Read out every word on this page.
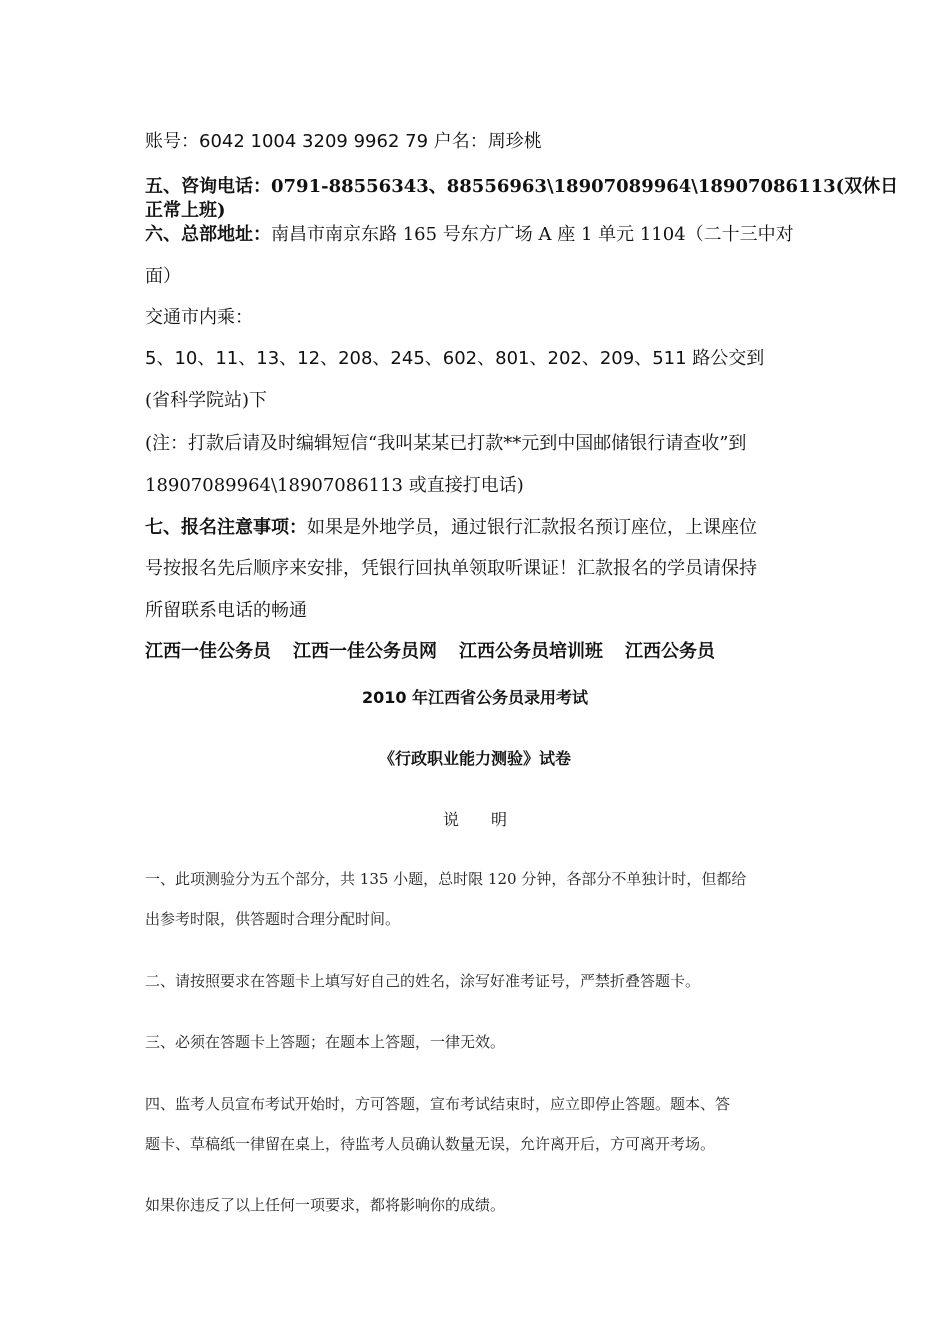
账号：6042 1004 3209 9962 79 户名：周珍桃
五、咨询电话：0791-88556343、88556963\18907089964\18907086113(双休日
正常上班)
六、总部地址：南昌市南京东路 165 号东方广场 A 座 1 单元 1104（二十三中对
面）
交通市内乘：
5、10、11、13、12、208、245、602、801、202、209、511 路公交到
(省科学院站)下
(注：打款后请及时编辑短信“我叫某某已打款**元到中国邮储银行请查收”到
18907089964\18907086113 或直接打电话)
七、报名注意事项：如果是外地学员，通过银行汇款报名预订座位，上课座位
号按报名先后顺序来安排，凭银行回执单领取听课证！汇款报名的学员请保持
所留联系电话的畅通
江西一佳公务员 江西一佳公务员网 江西公务员培训班 江西公务员
2010 年江西省公务员录用考试
《行政职业能力测验》试卷
说　　明
一、此项测验分为五个部分，共 135 小题，总时限 120 分钟，各部分不单独计时，但都给
出参考时限，供答题时合理分配时间。
二、请按照要求在答题卡上填写好自己的姓名，涂写好准考证号，严禁折叠答题卡。
三、必须在答题卡上答题；在题本上答题，一律无效。
四、监考人员宣布考试开始时，方可答题，宣布考试结束时，应立即停止答题。题本、答
题卡、草稿纸一律留在桌上，待监考人员确认数量无误，允许离开后，方可离开考场。
如果你违反了以上任何一项要求，都将影响你的成绩。
